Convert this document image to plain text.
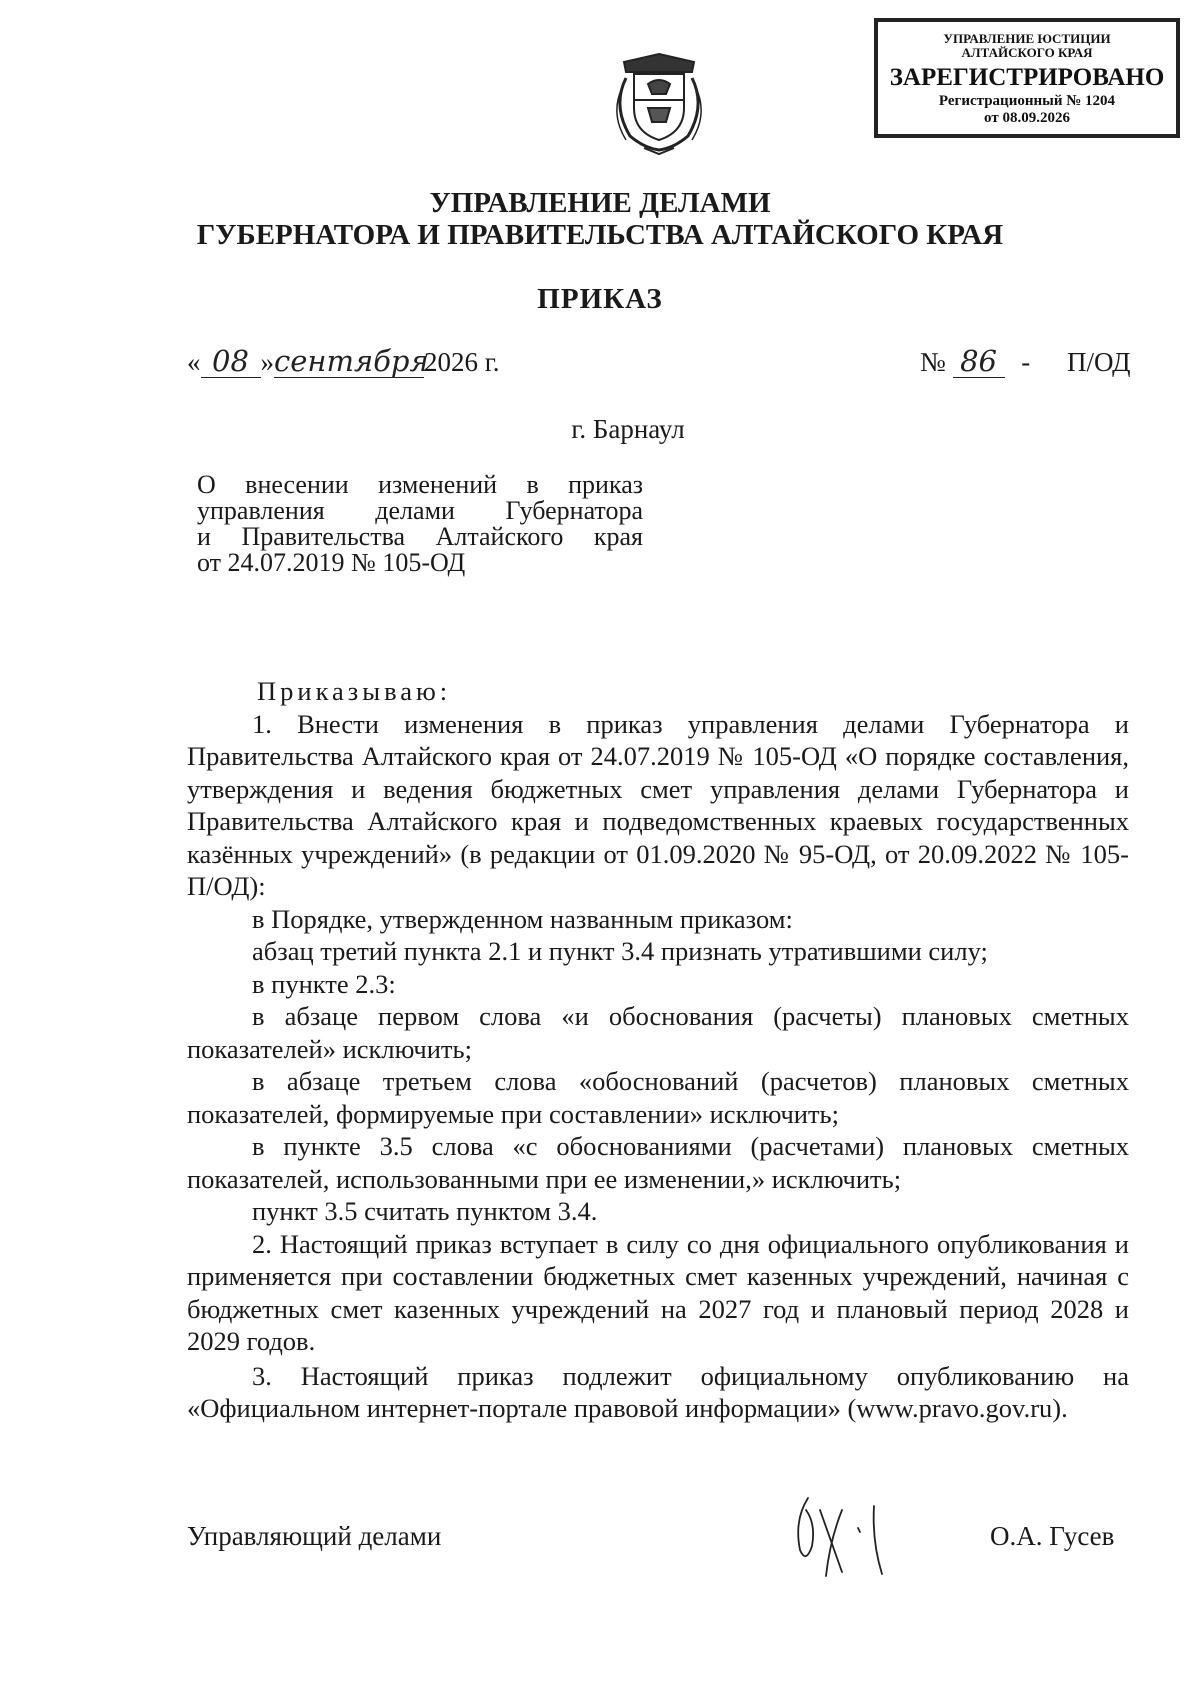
УПРАВЛЕНИЕ ЮСТИЦИИ
АЛТАЙСКОГО КРАЯ
ЗАРЕГИСТРИРОВАНО
Регистрационный № 1204
от 08.09.2026
УПРАВЛЕНИЕ ДЕЛАМИ
ГУБЕРНАТОРА И ПРАВИТЕЛЬСТВА АЛТАЙСКОГО КРАЯ
ПРИКАЗ
« 08 »сентября2026 г.	№ 86 - П/ОД
г. Барнаул
О внесении изменений в приказ
управления делами Губернатора
и Правительства Алтайского края
от 24.07.2019 № 105-ОД

Приказываю:

1. Внести изменения в приказ управления делами Губернатора и Правительства Алтайского края от 24.07.2019 № 105-ОД «О порядке составления, утверждения и ведения бюджетных смет управления делами Губернатора и Правительства Алтайского края и подведомственных краевых государственных казённых учреждений» (в редакции от 01.09.2020 № 95-ОД, от 20.09.2022 № 105-П/ОД):

в Порядке, утвержденном названным приказом:

абзац третий пункта 2.1 и пункт 3.4 признать утратившими силу;

в пункте 2.3:

в абзаце первом слова «и обоснования (расчеты) плановых сметных показателей» исключить;

в абзаце третьем слова «обоснований (расчетов) плановых сметных показателей, формируемые при составлении» исключить;

в пункте 3.5 слова «с обоснованиями (расчетами) плановых сметных показателей, использованными при ее изменении,» исключить;

пункт 3.5 считать пунктом 3.4.

2. Настоящий приказ вступает в силу со дня официального опубликования и применяется при составлении бюджетных смет казенных учреждений, начиная с бюджетных смет казенных учреждений на 2027 год и плановый период 2028 и 2029 годов.

3. Настоящий приказ подлежит официальному опубликованию на «Официальном интернет-портале правовой информации» (www.pravo.gov.ru).

Управляющий делами	О.А. Гусев
